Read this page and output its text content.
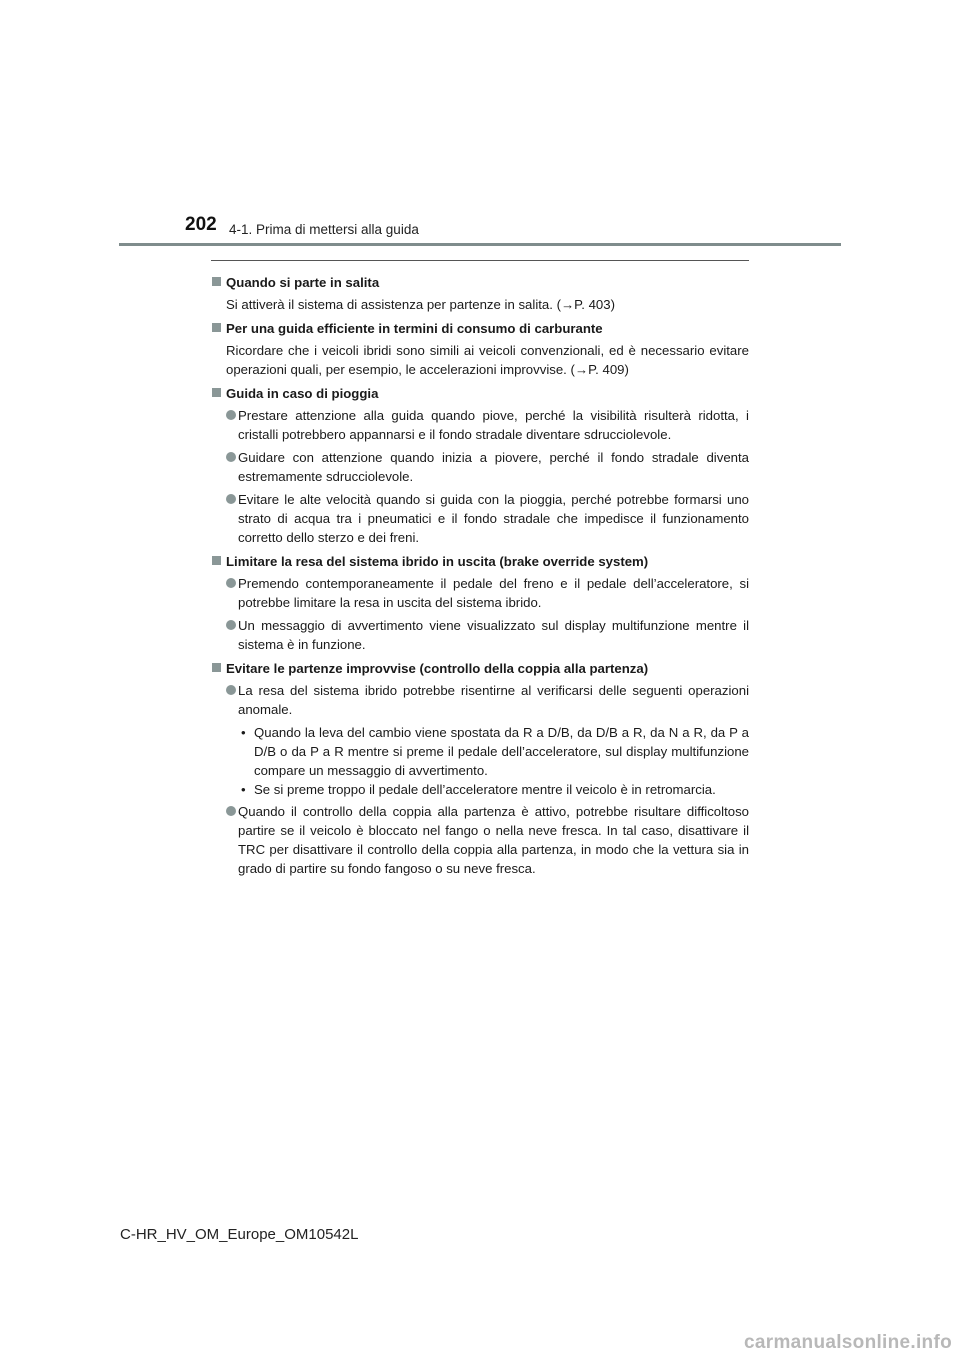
202 4-1. Prima di mettersi alla guida
Quando si parte in salita
Si attiverà il sistema di assistenza per partenze in salita. (→P. 403)
Per una guida efficiente in termini di consumo di carburante
Ricordare che i veicoli ibridi sono simili ai veicoli convenzionali, ed è necessario evitare operazioni quali, per esempio, le accelerazioni improvvise. (→P. 409)
Guida in caso di pioggia
Prestare attenzione alla guida quando piove, perché la visibilità risulterà ridotta, i cristalli potrebbero appannarsi e il fondo stradale diventare sdrucciolevole.
Guidare con attenzione quando inizia a piovere, perché il fondo stradale diventa estremamente sdrucciolevole.
Evitare le alte velocità quando si guida con la pioggia, perché potrebbe formarsi uno strato di acqua tra i pneumatici e il fondo stradale che impedisce il funzionamento corretto dello sterzo e dei freni.
Limitare la resa del sistema ibrido in uscita (brake override system)
Premendo contemporaneamente il pedale del freno e il pedale dell’acceleratore, si potrebbe limitare la resa in uscita del sistema ibrido.
Un messaggio di avvertimento viene visualizzato sul display multifunzione mentre il sistema è in funzione.
Evitare le partenze improvvise (controllo della coppia alla partenza)
La resa del sistema ibrido potrebbe risentirne al verificarsi delle seguenti operazioni anomale.
• Quando la leva del cambio viene spostata da R a D/B, da D/B a R, da N a R, da P a D/B o da P a R mentre si preme il pedale dell’acceleratore, sul display multifunzione compare un messaggio di avvertimento.
• Se si preme troppo il pedale dell’acceleratore mentre il veicolo è in retromarcia.
Quando il controllo della coppia alla partenza è attivo, potrebbe risultare difficoltoso partire se il veicolo è bloccato nel fango o nella neve fresca. In tal caso, disattivare il TRC per disattivare il controllo della coppia alla partenza, in modo che la vettura sia in grado di partire su fondo fangoso o su neve fresca.
C-HR_HV_OM_Europe_OM10542L
carmanualsonline.info
